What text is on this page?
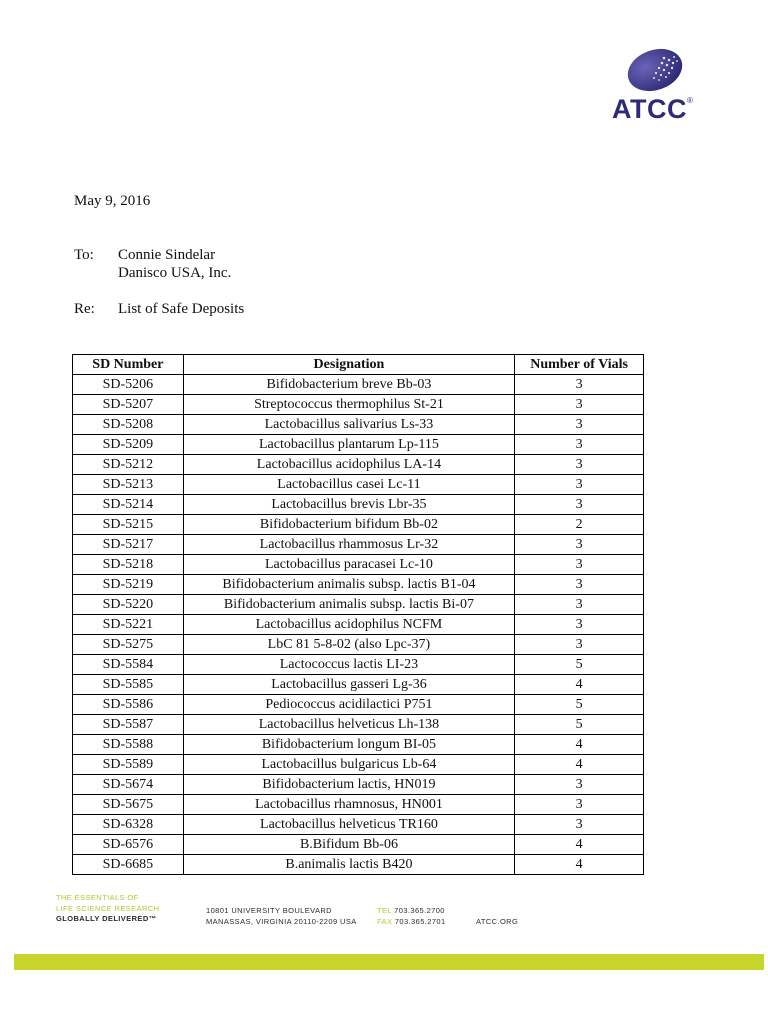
ATCC®
May 9, 2016
To: Connie Sindelar
Danisco USA, Inc.
Re: List of Safe Deposits
SD Number	Designation	Number of Vials
SD-5206	Bifidobacterium breve Bb-03	3
SD-5207	Streptococcus thermophilus St-21	3
SD-5208	Lactobacillus salivarius Ls-33	3
SD-5209	Lactobacillus plantarum Lp-115	3
SD-5212	Lactobacillus acidophilus LA-14	3
SD-5213	Lactobacillus casei Lc-11	3
SD-5214	Lactobacillus brevis Lbr-35	3
SD-5215	Bifidobacterium bifidum Bb-02	2
SD-5217	Lactobacillus rhammosus Lr-32	3
SD-5218	Lactobacillus paracasei Lc-10	3
SD-5219	Bifidobacterium animalis subsp. lactis B1-04	3
SD-5220	Bifidobacterium animalis subsp. lactis Bi-07	3
SD-5221	Lactobacillus acidophilus NCFM	3
SD-5275	LbC 81 5-8-02 (also Lpc-37)	3
SD-5584	Lactococcus lactis LI-23	5
SD-5585	Lactobacillus gasseri Lg-36	4
SD-5586	Pediococcus acidilactici P751	5
SD-5587	Lactobacillus helveticus Lh-138	5
SD-5588	Bifidobacterium longum BI-05	4
SD-5589	Lactobacillus bulgaricus Lb-64	4
SD-5674	Bifidobacterium lactis, HN019	3
SD-5675	Lactobacillus rhamnosus, HN001	3
SD-6328	Lactobacillus helveticus TR160	3
SD-6576	B.Bifidum Bb-06	4
SD-6685	B.animalis lactis B420	4
THE ESSENTIALS OF
LIFE SCIENCE RESEARCH
GLOBALLY DELIVERED™
10801 UNIVERSITY BOULEVARD
MANASSAS, VIRGINIA 20110-2209 USA
TEL 703.365.2700
FAX 703.365.2701	ATCC.ORG
